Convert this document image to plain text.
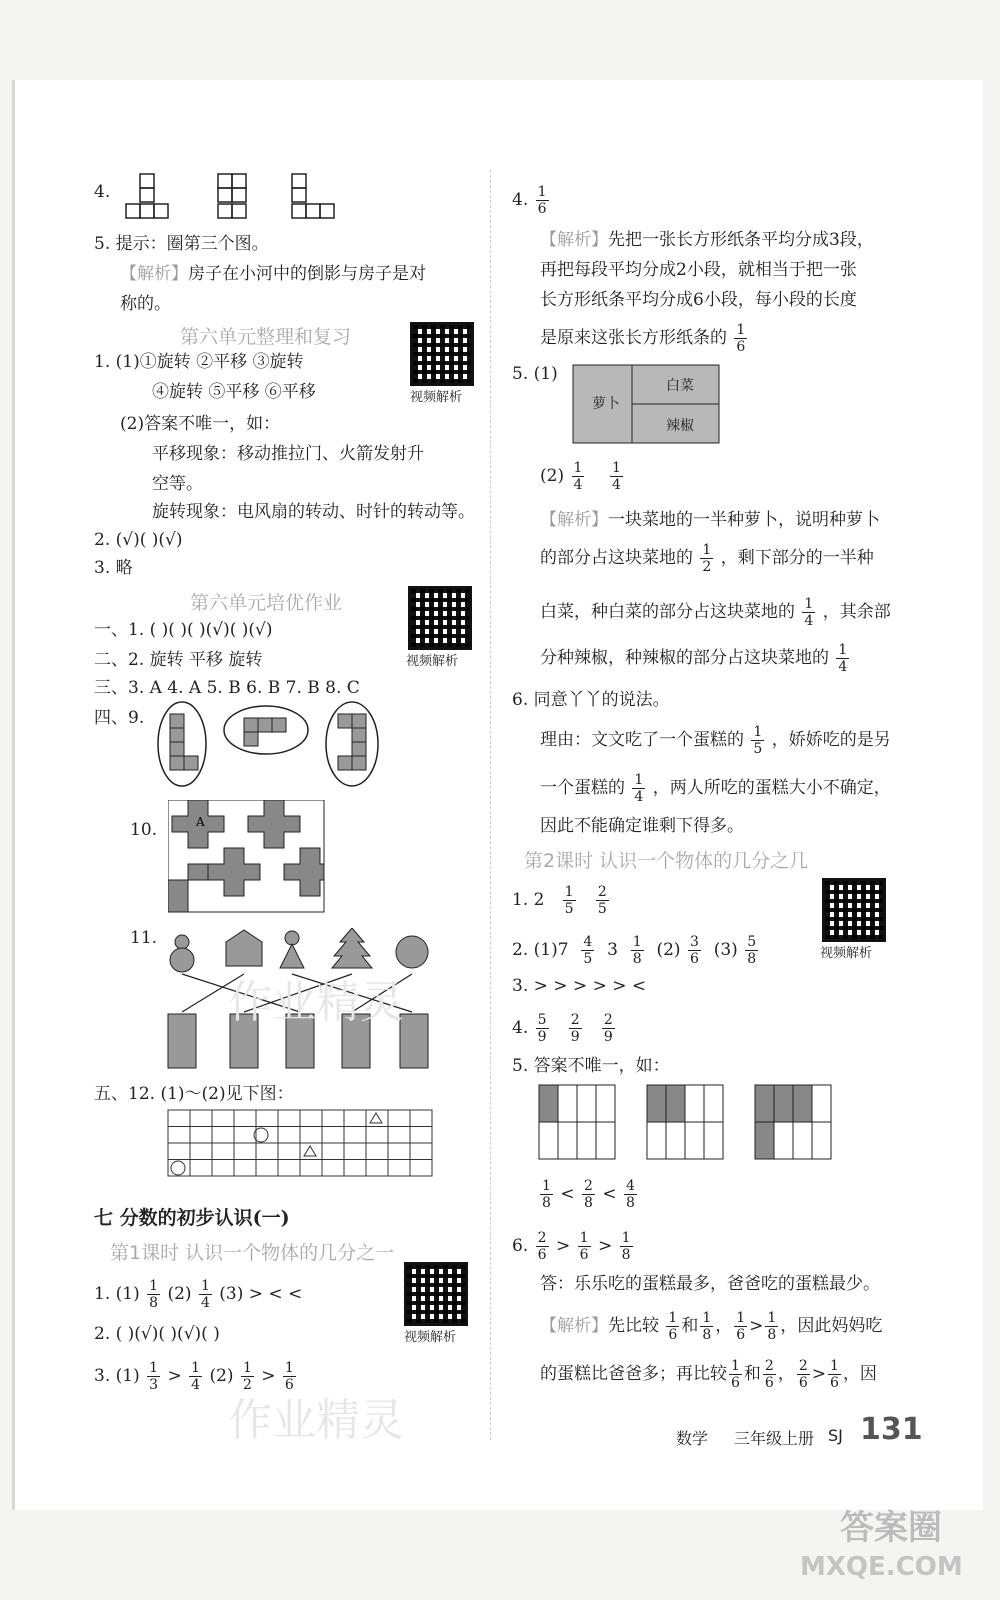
4.
5. 提示：圈第三个图。
【解析】房子在小河中的倒影与房子是对
称的。
第六单元整理和复习
视频解析
1. (1)①旋转 ②平移 ③旋转
④旋转 ⑤平移 ⑥平移
(2)答案不唯一，如：
平移现象：移动推拉门、火箭发射升
空等。
旋转现象：电风扇的转动、时针的转动等。
2. (√)( )(√)
3. 略
第六单元培优作业
视频解析
一、1. ( )( )( )(√)( )(√)
二、2. 旋转 平移 旋转
三、3. A 4. A 5. B 6. B 7. B 8. C
四、9.
10.	A
11.
五、12. (1)～(2)见下图：
七 分数的初步认识(一)
第1课时 认识一个物体的几分之一
视频解析
1. $(1) \frac{1}{8} (2) \frac{1}{4} (3)$ > < <
2. ( )(√)( )(√)( )
3. $(1) \frac{1}{3} > \frac{1}{4} (2) \frac{1}{2} > \frac{1}{6}$
4. $\frac{1}{6}$
【解析】先把一张长方形纸条平均分成3段，
再把每段平均分成2小段，就相当于把一张
长方形纸条平均分成6小段，每小段的长度
是原来这张长方形纸条的 $\frac{1}{6}$
5. (1)
萝卜
白菜
辣椒
$(2) \frac{1}{4}$
$\frac{1}{4}$
【解析】一块菜地的一半种萝卜，说明种萝卜
的部分占这块菜地的 $\frac{1}{2}$ ，剩下部分的一半种
白菜，种白菜的部分占这块菜地的 $\frac{1}{4}$ ，其余部
分种辣椒，种辣椒的部分占这块菜地的 $\frac{1}{4}$
6. 同意丫丫的说法。
理由：文文吃了一个蛋糕的 $\frac{1}{5}$ ，娇娇吃的是另
一个蛋糕的 $\frac{1}{4}$ ，两人所吃的蛋糕大小不确定，
因此不能确定谁剩下得多。
第2课时 认识一个物体的几分之几
视频解析
1. $2 \frac{1}{5}$
$\frac{2}{5}$
2. $(1)7 \frac{4}{5} 3 \frac{1}{8} (2) \frac{3}{6} (3) \frac{5}{8}$
3. > > > > > <
4. $\frac{5}{9}$
$\frac{2}{9}$
$\frac{2}{9}$
5. 答案不唯一，如：
$\frac{1}{8} < \frac{2}{8} < \frac{4}{8}$
6. $\frac{2}{6} > \frac{1}{6} > \frac{1}{8}$
答：乐乐吃的蛋糕最多，爸爸吃的蛋糕最少。
【解析】先比较 $\frac{1}{6}$ 和 $\frac{1}{8}$ ， $\frac{1}{6} > \frac{1}{8}$ ，因此妈妈吃
的蛋糕比爸爸多；再比较 $\frac{1}{6}$ 和 $\frac{2}{6}$ ， $\frac{2}{6} > \frac{1}{6}$ ，因
作业精灵
作业精灵	数学 三年级上册 SJ 131
答案圈
MXQE.COM
